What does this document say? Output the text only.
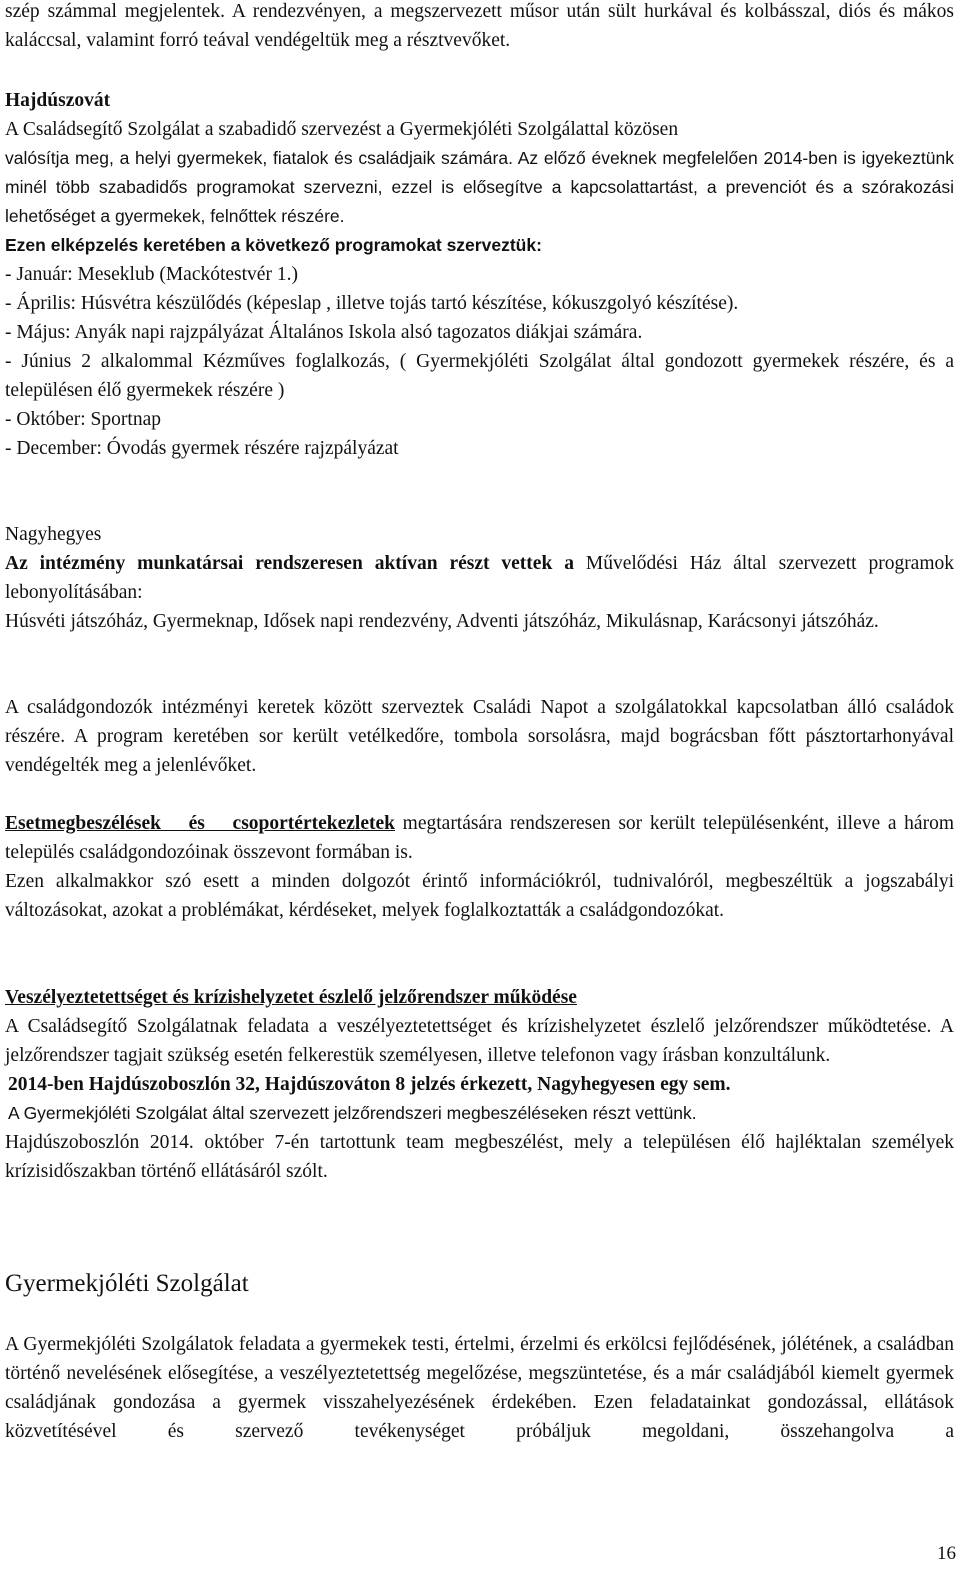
szép számmal megjelentek. A rendezvényen, a megszervezett műsor után sült hurkával és kolbásszal, diós és mákos kaláccsal, valamint forró teával vendégeltük meg a résztvevőket.

Hajdúszovát

A Családsegítő Szolgálat a szabadidő szervezést a Gyermekjóléti Szolgálattal közösen

valósítja meg, a helyi gyermekek, fiatalok és családjaik számára. Az előző éveknek megfelelően 2014-ben is igyekeztünk minél több szabadidős programokat szervezni, ezzel is elősegítve a kapcsolattartást, a prevenciót és a szórakozási lehetőséget a gyermekek, felnőttek részére.

Ezen elképzelés keretében a következő programokat szerveztük:

- Január: Meseklub (Mackótestvér 1.)

- Április: Húsvétra készülődés (képeslap , illetve tojás tartó készítése, kókuszgolyó készítése).

- Május: Anyák napi rajzpályázat Általános Iskola alsó tagozatos diákjai számára.

- Június 2 alkalommal Kézműves foglalkozás, ( Gyermekjóléti Szolgálat által gondozott gyermekek részére, és a településen élő gyermekek részére )

- Október: Sportnap

- December: Óvodás gyermek részére rajzpályázat

Nagyhegyes

Az intézmény munkatársai rendszeresen aktívan részt vettek a Művelődési Ház által szervezett programok lebonyolításában:

Húsvéti játszóház, Gyermeknap, Idősek napi rendezvény, Adventi játszóház, Mikulásnap, Karácsonyi játszóház.

A családgondozók intézményi keretek között szerveztek Családi Napot a szolgálatokkal kapcsolatban álló családok részére. A program keretében sor került vetélkedőre, tombola sorsolásra, majd bográcsban főtt pásztortarhonyával vendégelték meg a jelenlévőket.

Esetmegbeszélések és csoportértekezletek megtartására rendszeresen sor került településenként, illeve a három település családgondozóinak összevont formában is.

Ezen alkalmakkor szó esett a minden dolgozót érintő információkról, tudnivalóról, megbeszéltük a jogszabályi változásokat, azokat a problémákat, kérdéseket, melyek foglalkoztatták a családgondozókat.

Veszélyeztetettséget és krízishelyzetet észlelő jelzőrendszer működése

A Családsegítő Szolgálatnak feladata a veszélyeztetettséget és krízishelyzetet észlelő jelzőrendszer működtetése. A jelzőrendszer tagjait szükség esetén felkerestük személyesen, illetve telefonon vagy írásban konzultálunk.

2014-ben Hajdúszoboszlón 32, Hajdúszováton 8 jelzés érkezett, Nagyhegyesen egy sem.

A Gyermekjóléti Szolgálat által szervezett jelzőrendszeri megbeszéléseken részt vettünk.

Hajdúszoboszlón 2014. október 7-én tartottunk team megbeszélést, mely a településen élő hajléktalan személyek krízisidőszakban történő ellátásáról szólt.

Gyermekjóléti Szolgálat

A Gyermekjóléti Szolgálatok feladata a gyermekek testi, értelmi, érzelmi és erkölcsi fejlődésének, jólétének, a családban történő nevelésének elősegítése, a veszélyeztetettség megelőzése, megszüntetése, és a már családjából kiemelt gyermek családjának gondozása a gyermek visszahelyezésének érdekében. Ezen feladatainkat gondozással, ellátások közvetítésével és szervező tevékenységet próbáljuk megoldani, összehangolva a

16
